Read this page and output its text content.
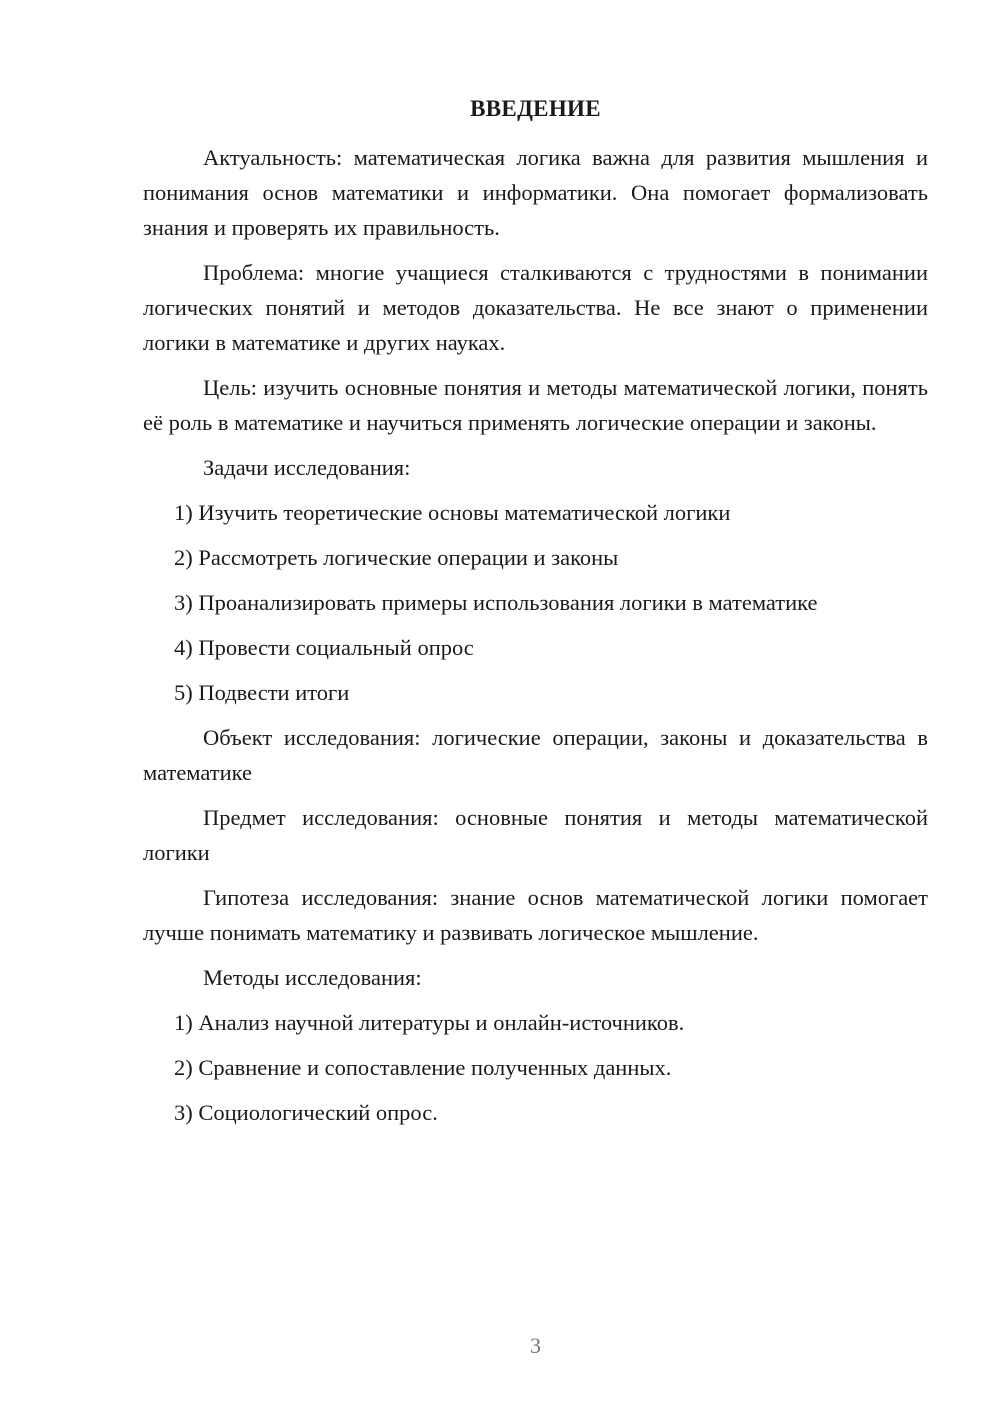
ВВЕДЕНИЕ

Актуальность: математическая логика важна для развития мышления и понимания основ математики и информатики. Она помогает формализовать знания и проверять их правильность.

Проблема: многие учащиеся сталкиваются с трудностями в понимании логических понятий и методов доказательства. Не все знают о применении логики в математике и других науках.

Цель: изучить основные понятия и методы математической логики, понять её роль в математике и научиться применять логические операции и законы.

Задачи исследования:

1) Изучить теоретические основы математической логики

2) Рассмотреть логические операции и законы

3) Проанализировать примеры использования логики в математике

4) Провести социальный опрос

5) Подвести итоги

Объект исследования: логические операции, законы и доказательства в математике

Предмет исследования: основные понятия и методы математической логики

Гипотеза исследования: знание основ математической логики помогает лучше понимать математику и развивать логическое мышление.

Методы исследования:

1) Анализ научной литературы и онлайн-источников.

2) Сравнение и сопоставление полученных данных.

3) Социологический опрос.

3
